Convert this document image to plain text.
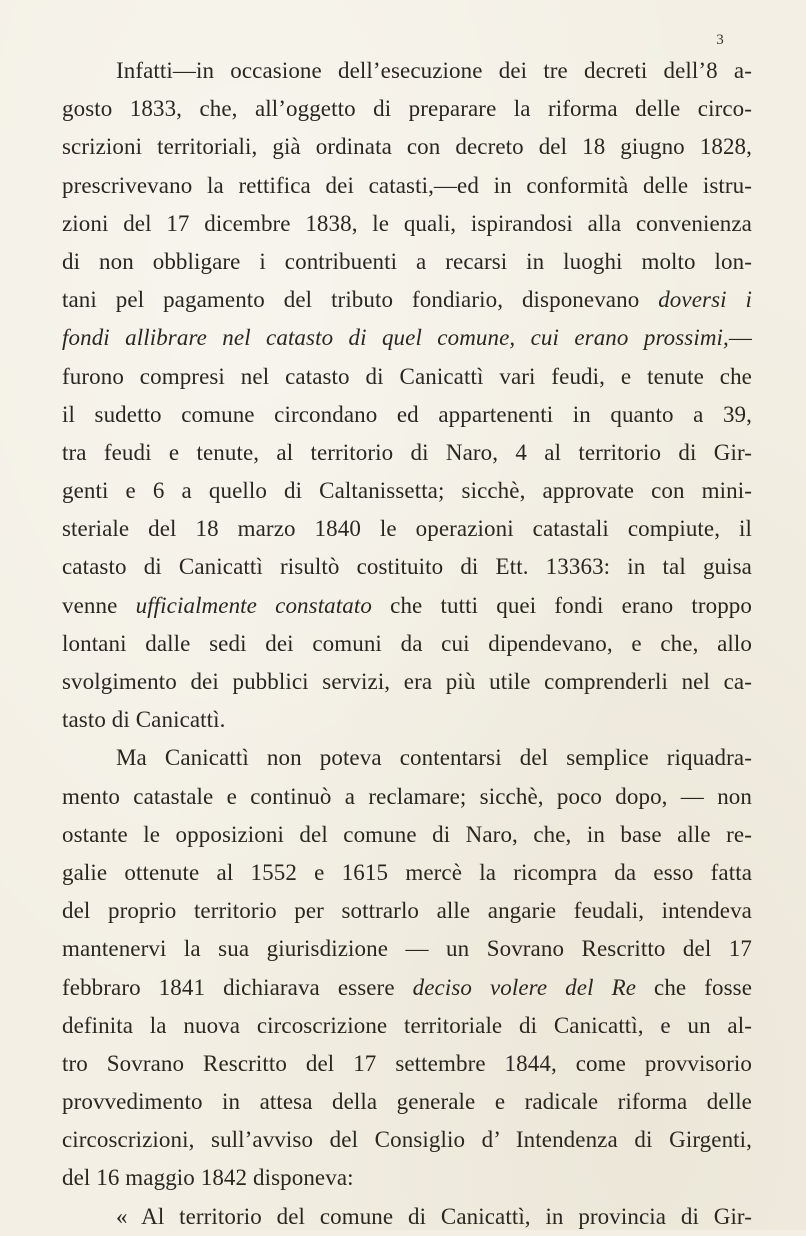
3
Infatti—in occasione dell’esecuzione dei tre decreti dell’8 a-
gosto 1833, che, all’oggetto di preparare la riforma delle circo-
scrizioni territoriali, già ordinata con decreto del 18 giugno 1828,
prescrivevano la rettifica dei catasti,—ed in conformità delle istru-
zioni del 17 dicembre 1838, le quali, ispirandosi alla convenienza
di non obbligare i contribuenti a recarsi in luoghi molto lon-
tani pel pagamento del tributo fondiario, disponevano doversi i
fondi allibrare nel catasto di quel comune, cui erano prossimi,—
furono compresi nel catasto di Canicattì vari feudi, e tenute che
il sudetto comune circondano ed appartenenti in quanto a 39,
tra feudi e tenute, al territorio di Naro, 4 al territorio di Gir-
genti e 6 a quello di Caltanissetta; sicchè, approvate con mini-
steriale del 18 marzo 1840 le operazioni catastali compiute, il
catasto di Canicattì risultò costituito di Ett. 13363: in tal guisa
venne ufficialmente constatato che tutti quei fondi erano troppo
lontani dalle sedi dei comuni da cui dipendevano, e che, allo
svolgimento dei pubblici servizi, era più utile comprenderli nel ca-
tasto di Canicattì.
Ma Canicattì non poteva contentarsi del semplice riquadra-
mento catastale e continuò a reclamare; sicchè, poco dopo, — non
ostante le opposizioni del comune di Naro, che, in base alle re-
galie ottenute al 1552 e 1615 mercè la ricompra da esso fatta
del proprio territorio per sottrarlo alle angarie feudali, intendeva
mantenervi la sua giurisdizione — un Sovrano Rescritto del 17
febbraro 1841 dichiarava essere deciso volere del Re che fosse
definita la nuova circoscrizione territoriale di Canicattì, e un al-
tro Sovrano Rescritto del 17 settembre 1844, come provvisorio
provvedimento in attesa della generale e radicale riforma delle
circoscrizioni, sull’avviso del Consiglio d’ Intendenza di Girgenti,
del 16 maggio 1842 disponeva:
« Al territorio del comune di Canicattì, in provincia di Gir-
